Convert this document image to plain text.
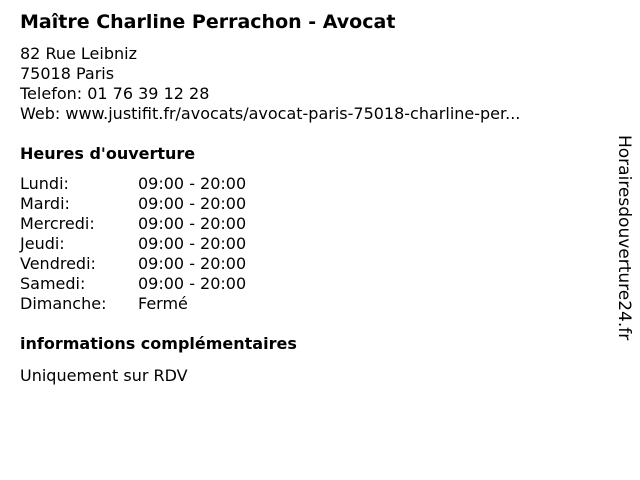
Maître Charline Perrachon - Avocat
82 Rue Leibniz
75018 Paris
Telefon: 01 76 39 12 28
Web: www.justifit.fr/avocats/avocat-paris-75018-charline-per...
Heures d'ouverture
Lundi:	09:00 - 20:00
Mardi:	09:00 - 20:00
Mercredi:	09:00 - 20:00
Jeudi:	09:00 - 20:00
Vendredi:	09:00 - 20:00
Samedi:	09:00 - 20:00
Dimanche:	Fermé
informations complémentaires
Uniquement sur RDV
Horairesdouverture24.fr
